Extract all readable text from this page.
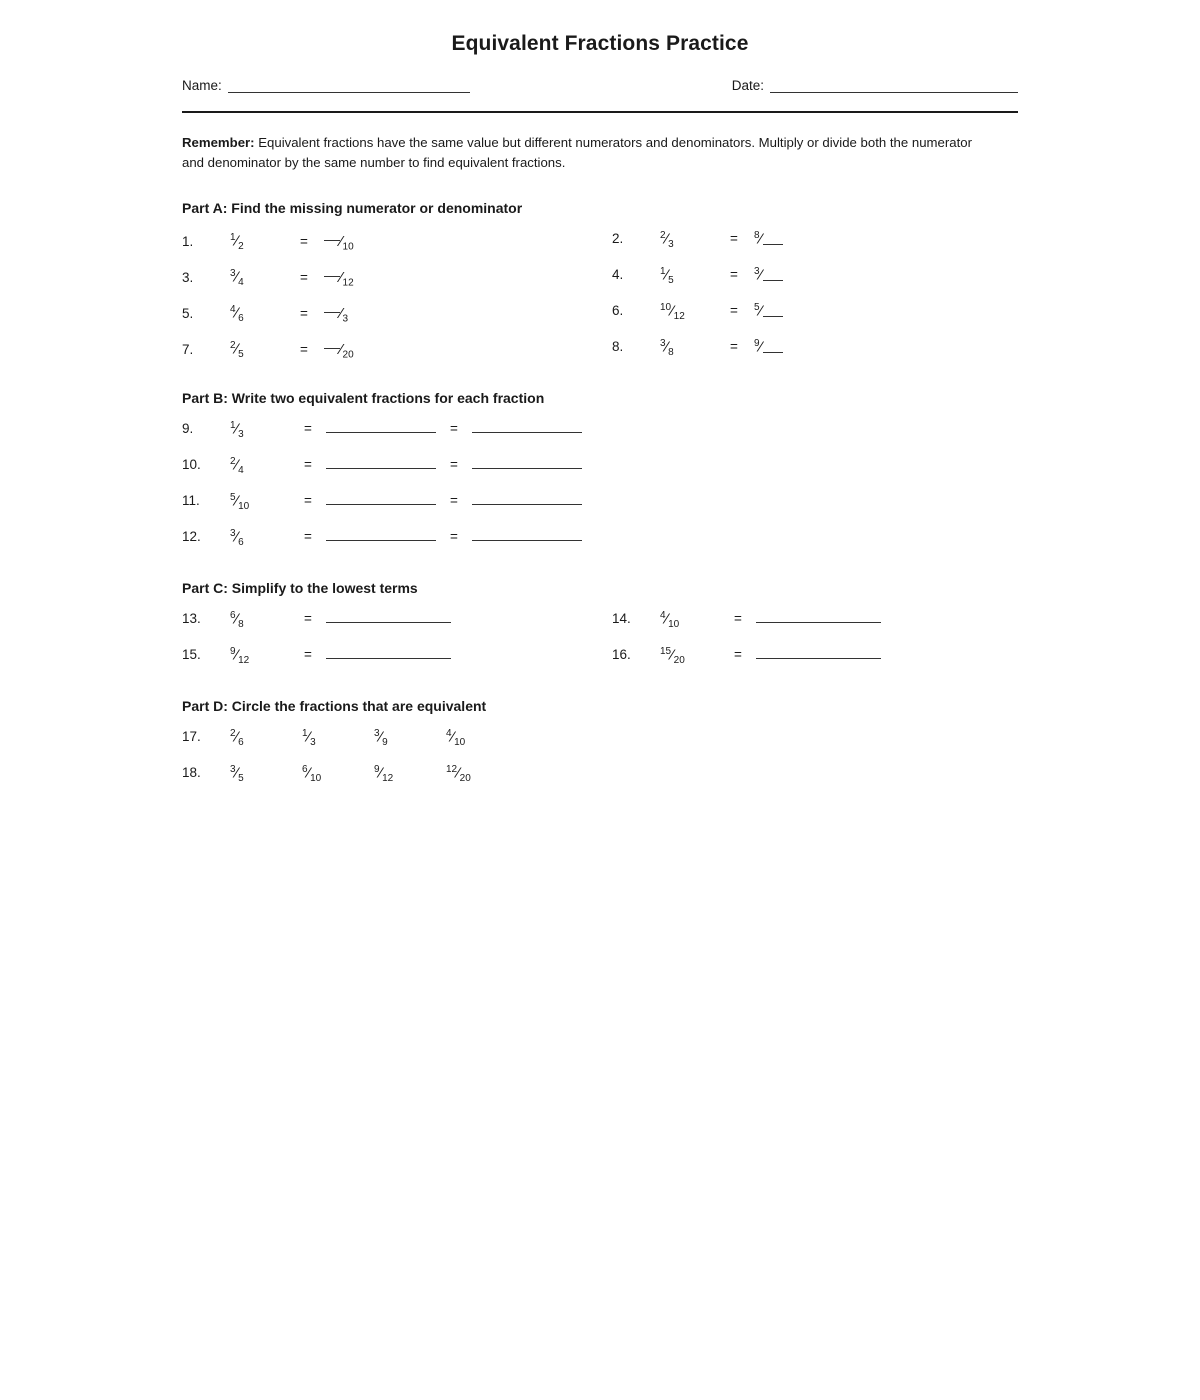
Equivalent Fractions Practice
Name:	Date:
Remember: Equivalent fractions have the same value but different numerators and denominators. Multiply or divide both the numerator and denominator by the same number to find equivalent fractions.
Part A: Find the missing numerator or denominator
1.	$^1⁄_2$	=	$⁄_{10}$
2.	$^2⁄_3$	=	$^8$⁄
3.	$^3⁄_4$	=	$⁄_{12}$
4.	$^1⁄_5$	=	$^3$⁄
5.	$^4⁄_6$	=	$⁄_3$
6.	$^{10}⁄_{12}$	=	$^5$⁄
7.	$^2⁄_5$	=	$⁄_{20}$
8.	$^3⁄_8$	=	$^9$⁄
Part B: Write two equivalent fractions for each fraction
9.	$^1⁄_3$	=	=
10.	$^2⁄_4$	=	=
11.	$^5⁄_{10}$	=	=
12.	$^3⁄_6$	=	=
Part C: Simplify to the lowest terms
13.	$^6⁄_8$	=	14.	$^4⁄_{10}$	=
15.	$^9⁄_{12}$	=	16.	$^{15}⁄_{20}$	=
Part D: Circle the fractions that are equivalent
17.	$^2⁄_6$
$^1⁄_3$
$^3⁄_9$
$^4⁄_{10}$
18.	$^3⁄_5$
$^6⁄_{10}$
$^9⁄_{12}$
$^{12}⁄_{20}$
